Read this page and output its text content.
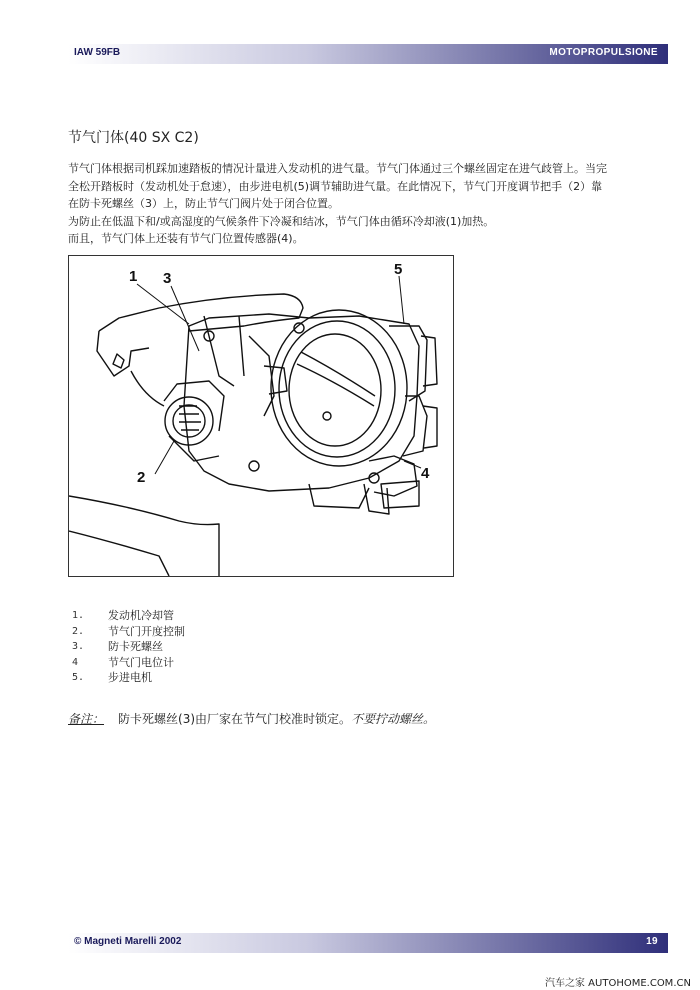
IAW 59FB	MOTOPROPULSIONE
节气门体(40 SX C2)
节气门体根据司机踩加速踏板的情况计量进入发动机的进气量。节气门体通过三个螺丝固定在进气歧管上。当完
全松开踏板时（发动机处于怠速），由步进电机(5)调节辅助进气量。在此情况下，节气门开度调节把手（2）靠
在防卡死螺丝（3）上，防止节气门阀片处于闭合位置。
为防止在低温下和/或高湿度的气候条件下冷凝和结冰，节气门体由循环冷却液(1)加热。
而且，节气门体上还装有节气门位置传感器(4)。
1 3
5
2	4
1.	发动机冷却管
2.	节气门开度控制
3.	防卡死螺丝
4	节气门电位计
5.	步进电机
备注： 防卡死螺丝(3)由厂家在节气门校准时锁定。不要拧动螺丝。
© Magneti Marelli 2002	19
汽车之家 AUTOHOME.COM.CN
